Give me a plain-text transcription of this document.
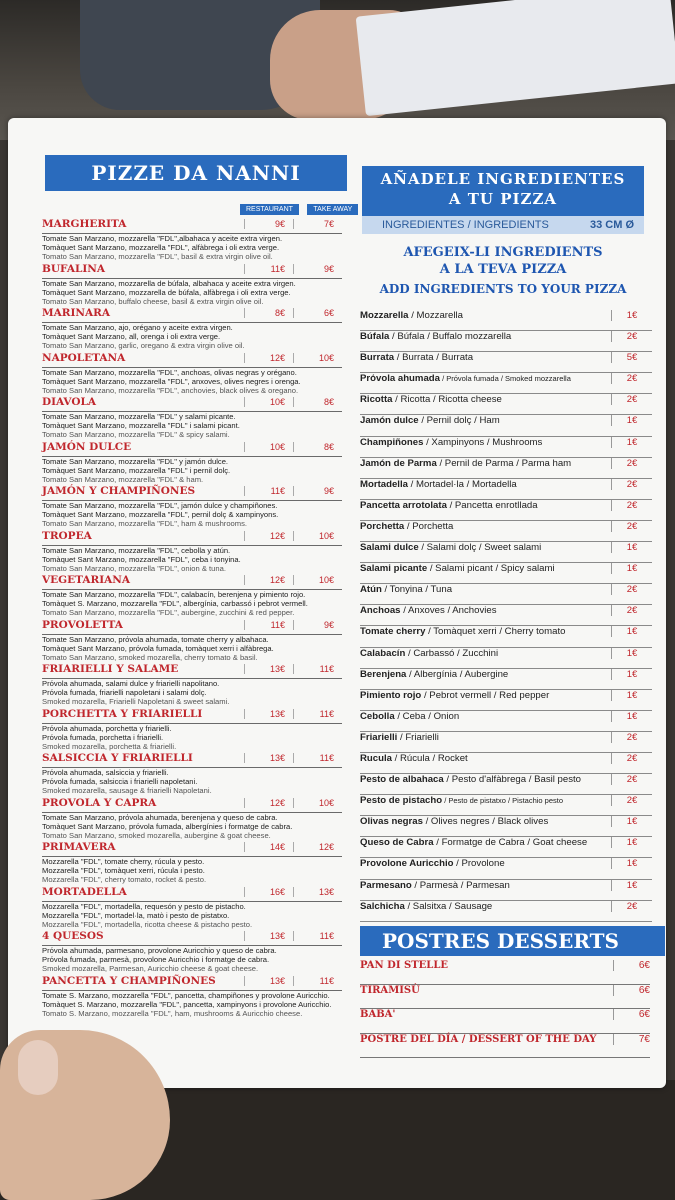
PIZZE DA NANNI
RESTAURANT	TAKE AWAY
MARGHERITA	9€	7€
Tomate San Marzano, mozzarella "FDL",albahaca y aceite extra virgen.
Tomàquet Sant Marzano, mozzarella "FDL", alfàbrega i oli extra verge.
Tomato San Marzano, mozzarella "FDL", basil & extra virgin olive oil.
BUFALINA	11€	9€
Tomate San Marzano, mozzarella de búfala, albahaca y aceite extra virgen.
Tomàquet Sant Marzano, mozzarella de búfala, alfàbrega i oli extra verge.
Tomato San Marzano, buffalo cheese, basil & extra virgin olive oil.
MARINARA	8€	6€
Tomate San Marzano, ajo, orégano y aceite extra virgen.
Tomàquet Sant Marzano, all, orenga i oli extra verge.
Tomato San Marzano, garlic, oregano & extra virgin olive oil.
NAPOLETANA	12€	10€
Tomate San Marzano, mozzarella "FDL", anchoas, olivas negras y orégano.
Tomàquet Sant Marzano, mozzarella "FDL", anxoves, olives negres i orenga.
Tomato San Marzano, mozzarella "FDL", anchovies, black olives & oregano.
DIAVOLA	10€	8€
Tomate San Marzano, mozzarella "FDL" y salami picante.
Tomàquet Sant Marzano, mozzarella "FDL" i salami picant.
Tomato San Marzano, mozzarella "FDL" & spicy salami.
JAMÓN DULCE	10€	8€
Tomate San Marzano, mozzarella "FDL" y jamón dulce.
Tomàquet Sant Marzano, mozzarella "FDL" i pernil dolç.
Tomato San Marzano, mozzarella "FDL" & ham.
JAMÓN Y CHAMPIÑONES	11€	9€
Tomate San Marzano, mozzarella "FDL", jamón dulce y champiñones.
Tomàquet Sant Marzano, mozzarella "FDL", pernil dolç & xampinyons.
Tomato San Marzano, mozzarella "FDL", ham & mushrooms.
TROPEA	12€	10€
Tomate San Marzano, mozzarella "FDL", cebolla y atún.
Tomàquet Sant Marzano, mozzarella "FDL", ceba i tonyina.
Tomato San Marzano, mozzarella "FDL", onion & tuna.
VEGETARIANA	12€	10€
Tomate San Marzano, mozzarella "FDL", calabacín, berenjena y pimiento rojo.
Tomàquet S. Marzano, mozzarella "FDL", albergínia, carbassó i pebrot vermell.
Tomato San Marzano, mozzarella "FDL", aubergine, zucchini & red pepper.
PROVOLETTA	11€	9€
Tomate San Marzano, prόvola ahumada, tomate cherry y albahaca.
Tomàquet Sant Marzano, prόvola fumada, tomàquet xerri i alfàbrega.
Tomato San Marzano, smoked mozarella, cherry tomato & basil.
FRIARIELLI Y SALAME	13€	11€
Prόvola ahumada, salami dulce y friarielli napolitano.
Prόvola fumada, friarielli napoletani i salami dolç.
Smoked mozarella, Friarielli Napoletani & sweet salami.
PORCHETTA Y FRIARIELLI	13€	11€
Prόvola ahumada, porchetta y friarielli.
Prόvola fumada, porchetta i friarielli.
Smoked mozarella, porchetta & friarielli.
SALSICCIA Y FRIARIELLI	13€	11€
Prόvola ahumada, salsiccia y friarielli.
Prόvola fumada, salsiccia i friarielli napoletani.
Smoked mozarella, sausage & friarielli Napoletani.
PROVOLA Y CAPRA	12€	10€
Tomate San Marzano, prόvola ahumada, berenjena y queso de cabra.
Tomàquet Sant Marzano, prόvola fumada, albergínies i formatge de cabra.
Tomato San Marzano, smoked mozarella, aubergine & goat cheese.
PRIMAVERA	14€	12€
Mozzarella "FDL", tomate cherry, rúcula y pesto.
Mozzarella "FDL", tomàquet xerri, rúcula i pesto.
Mozzarella "FDL", cherry tomato, rocket & pesto.
MORTADELLA	16€	13€
Mozzarella "FDL", mortadella, requesón y pesto de pistacho.
Mozzarella "FDL", mortadel·la, matò i pesto de pistatxo.
Mozzarella "FDL", mortadella, ricotta cheese & pistacho pesto.
4 QUESOS	13€	11€
Prόvola ahumada, parmesano, provolone Auricchio y queso de cabra.
Prόvola fumada, parmesà, provolone Auricchio i formatge de cabra.
Smoked mozarella, Parmesan, Auricchio cheese & goat cheese.
PANCETTA Y CHAMPIÑONES	13€	11€
Tomate S. Marzano, mozzarella "FDL", pancetta, champiñones y provolone Auricchio.
Tomàquet S. Marzano, mozzarella "FDL", pancetta, xampinyons i provolone Auricchio.
Tomato S. Marzano, mozzarella "FDL", ham, mushrooms & Auricchio cheese.
AÑADELE INGREDIENTES
A TU PIZZA
INGREDIENTES / INGREDIENTS	33 CM Ø
AFEGEIX-LI INGREDIENTS
A LA TEVA PIZZA
ADD INGREDIENTS TO YOUR PIZZA
Mozzarella / Mozzarella	1€
Búfala / Búfala / Buffalo mozzarella	2€
Burrata / Burrata / Burrata	5€
Prόvola ahumada / Prόvola fumada / Smoked mozzarella	2€
Ricotta / Ricotta / Ricotta cheese	2€
Jamón dulce / Pernil dolç / Ham	1€
Champiñones / Xampinyons / Mushrooms	1€
Jamón de Parma / Pernil de Parma / Parma ham	2€
Mortadella / Mortadel·la / Mortadella	2€
Pancetta arrotolata / Pancetta enrotllada	2€
Porchetta / Porchetta	2€
Salami dulce / Salami dolç / Sweet salami	1€
Salami picante / Salami picant / Spicy salami	1€
Atún / Tonyina / Tuna	2€
Anchoas / Anxoves / Anchovies	2€
Tomate cherry / Tomàquet xerri / Cherry tomato	1€
Calabacín / Carbassó / Zucchini	1€
Berenjena / Albergínia / Aubergine	1€
Pimiento rojo / Pebrot vermell / Red pepper	1€
Cebolla / Ceba / Onion	1€
Friarielli / Friarielli	2€
Rucula / Rúcula / Rocket	2€
Pesto de albahaca / Pesto d'alfàbrega / Basil pesto	2€
Pesto de pistacho / Pesto de pistatxo / Pistachio pesto	2€
Olivas negras / Olives negres / Black olives	1€
Queso de Cabra / Formatge de Cabra / Goat cheese	1€
Provolone Auricchio / Provolone	1€
Parmesano / Parmesà / Parmesan	1€
Salchicha / Salsitxa / Sausage	2€
POSTRES DESSERTS
PAN DI STELLE	6€
TIRAMISÙ	6€
BABA'	6€
POSTRE DEL DÍA / DESSERT OF THE DAY	7€
